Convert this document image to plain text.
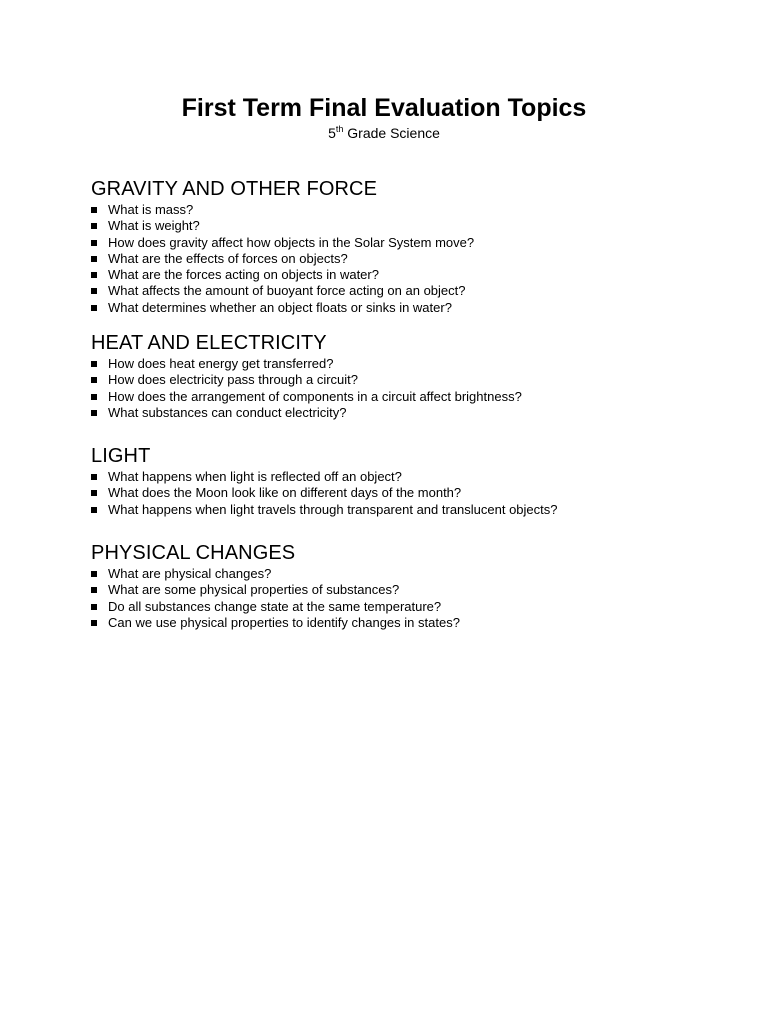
First Term Final Evaluation Topics
5th Grade Science
GRAVITY AND OTHER FORCE
What is mass?
What is weight?
How does gravity affect how objects in the Solar System move?
What are the effects of forces on objects?
What are the forces acting on objects in water?
What affects the amount of buoyant force acting on an object?
What determines whether an object floats or sinks in water?
HEAT AND ELECTRICITY
How does heat energy get transferred?
How does electricity pass through a circuit?
How does the arrangement of components in a circuit affect brightness?
What substances can conduct electricity?
LIGHT
What happens when light is reflected off an object?
What does the Moon look like on different days of the month?
What happens when light travels through transparent and translucent objects?
PHYSICAL CHANGES
What are physical changes?
What are some physical properties of substances?
Do all substances change state at the same temperature?
Can we use physical properties to identify changes in states?
